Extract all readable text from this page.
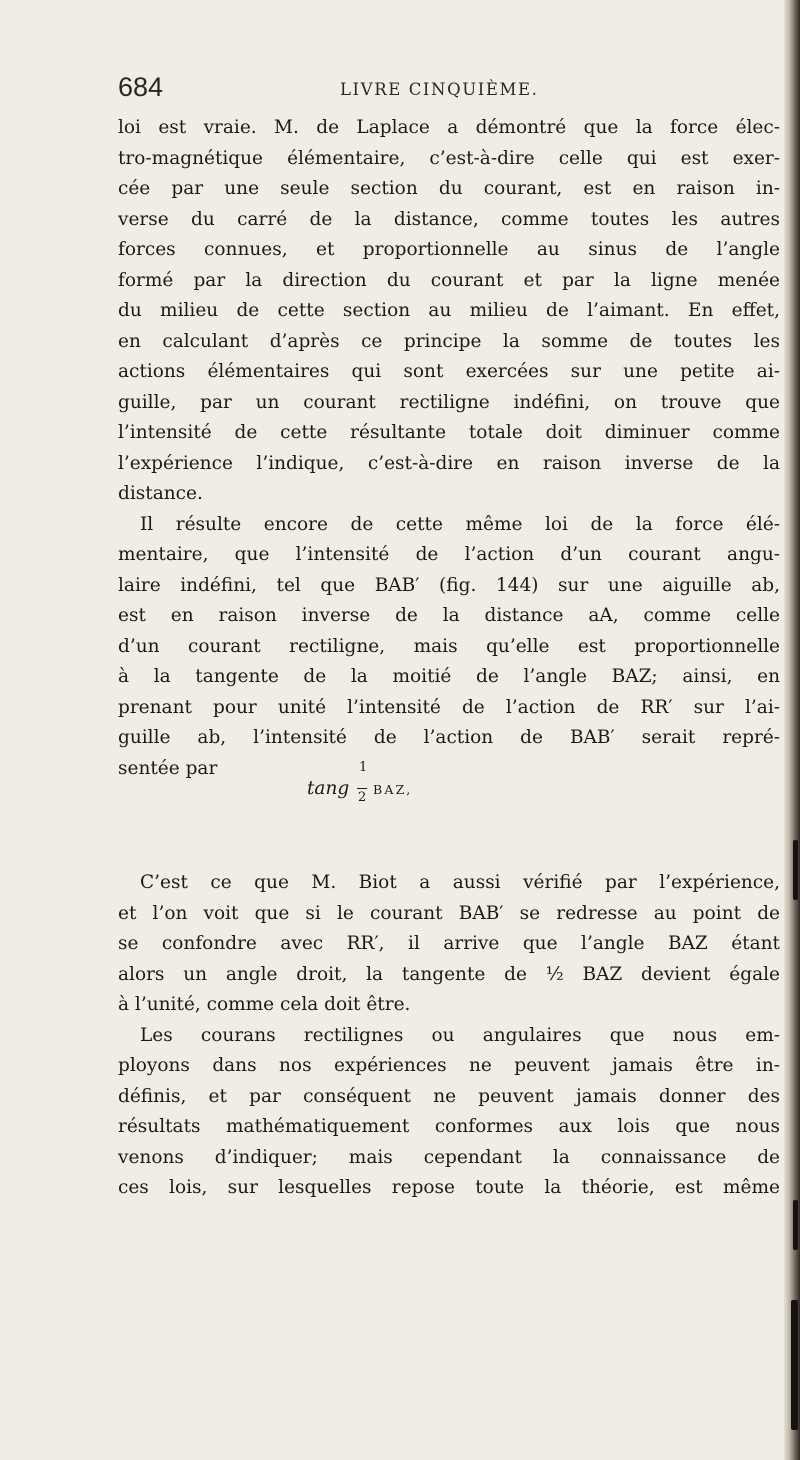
684	LIVRE CINQUIÈME.
loi est vraie. M. de Laplace a démontré que la force élec-
tro-magnétique élémentaire, c’est-à-dire celle qui est exer-
cée par une seule section du courant, est en raison in-
verse du carré de la distance, comme toutes les autres
forces connues, et proportionnelle au sinus de l’angle
formé par la direction du courant et par la ligne menée
du milieu de cette section au milieu de l’aimant. En effet,
en calculant d’après ce principe la somme de toutes les
actions élémentaires qui sont exercées sur une petite ai-
guille, par un courant rectiligne indéfini, on trouve que
l’intensité de cette résultante totale doit diminuer comme
l’expérience l’indique, c’est-à-dire en raison inverse de la
distance.
Il résulte encore de cette même loi de la force élé-
mentaire, que l’intensité de l’action d’un courant angu-
laire indéfini, tel que BAB′ (fig. 144) sur une aiguille ab,
est en raison inverse de la distance aA, comme celle
d’un courant rectiligne, mais qu’elle est proportionnelle
à la tangente de la moitié de l’angle BAZ; ainsi, en
prenant pour unité l’intensité de l’action de RR′ sur l’ai-
guille ab, l’intensité de l’action de BAB′ serait repré-
sentée par
C’est ce que M. Biot a aussi vérifié par l’expérience,
et l’on voit que si le courant BAB′ se redresse au point de
se confondre avec RR′, il arrive que l’angle BAZ étant
alors un angle droit, la tangente de ½ BAZ devient égale
à l’unité, comme cela doit être.
Les courans rectilignes ou angulaires que nous em-
ployons dans nos expériences ne peuvent jamais être in-
définis, et par conséquent ne peuvent jamais donner des
résultats mathématiquement conformes aux lois que nous
venons d’indiquer; mais cependant la connaissance de
ces lois, sur lesquelles repose toute la théorie, est même
tang
1
2
BAZ,
